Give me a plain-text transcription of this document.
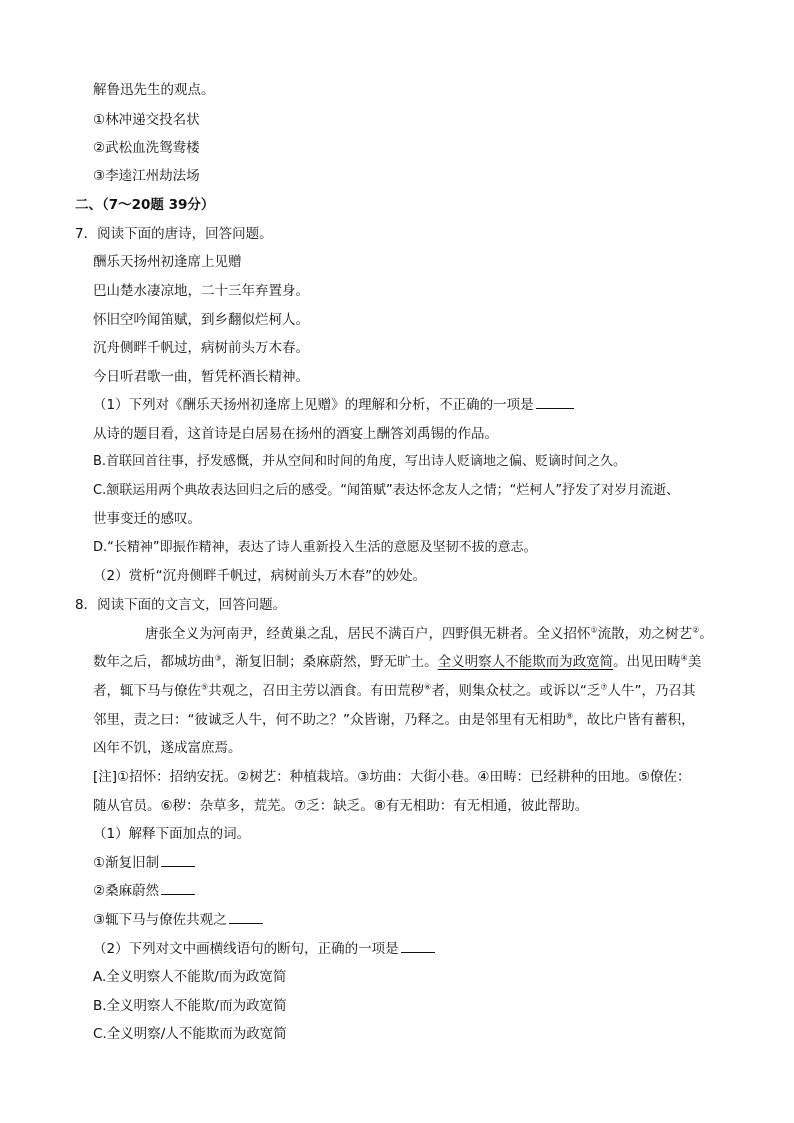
解鲁迅先生的观点。
①林冲递交投名状
②武松血洗鸳鸯楼
③李逵江州劫法场
二、（7～20题 39分）
7．阅读下面的唐诗，回答问题。
酬乐天扬州初逢席上见赠
巴山楚水凄凉地，二十三年弃置身。
怀旧空吟闻笛赋，到乡翻似烂柯人。
沉舟侧畔千帆过，病树前头万木春。
今日听君歌一曲，暂凭杯酒长精神。
（1）下列对《酬乐天扬州初逢席上见赠》的理解和分析，不正确的一项是
从诗的题目看，这首诗是白居易在扬州的酒宴上酬答刘禹锡的作品。
B.首联回首往事，抒发感慨，并从空间和时间的角度，写出诗人贬谪地之偏、贬谪时间之久。
C.颔联运用两个典故表达回归之后的感受。“闻笛赋”表达怀念友人之情；“烂柯人”抒发了对岁月流逝、
世事变迁的感叹。
D.“长精神”即振作精神，表达了诗人重新投入生活的意愿及坚韧不拔的意志。
（2）赏析“沉舟侧畔千帆过，病树前头万木春”的妙处。
8．阅读下面的文言文，回答问题。
唐张全义为河南尹，经黄巢之乱，居民不满百户，四野俱无耕者。全义招怀①流散，劝之树艺②。
数年之后，都城坊曲③，渐复旧制；桑麻蔚然，野无旷土。全义明察人不能欺而为政宽简。出见田畴④美
者，辄下马与僚佐⑤共观之，召田主劳以酒食。有田荒秽⑥者，则集众杖之。或诉以“乏⑦人牛”，乃召其
邻里，责之曰：“彼诚乏人牛，何不助之？”众皆谢，乃释之。由是邻里有无相助⑧，故比户皆有蓄积，
凶年不饥，遂成富庶焉。
[注]①招怀：招纳安抚。②树艺：种植栽培。③坊曲：大街小巷。④田畴：已经耕种的田地。⑤僚佐：
随从官员。⑥秽：杂草多，荒芜。⑦乏：缺乏。⑧有无相助：有无相通，彼此帮助。
（1）解释下面加点的词。
①渐复旧制
②桑麻蔚然
③辄下马与僚佐共观之
（2）下列对文中画横线语句的断句，正确的一项是
A.全义明察人不能欺/而为政宽简
B.全义明察人不能欺/而为政宽简
C.全义明察/人不能欺而为政宽简
